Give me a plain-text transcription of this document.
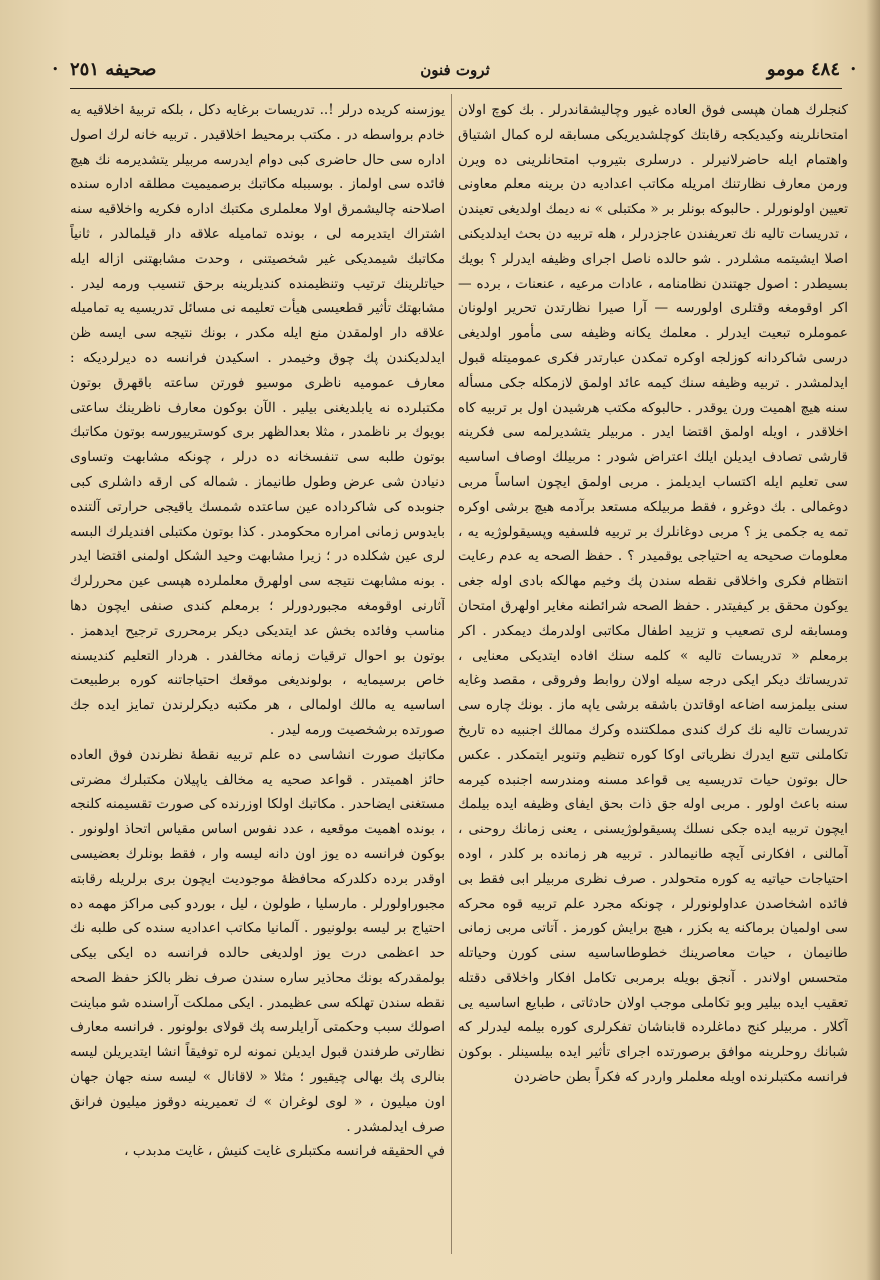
٤٨٤ مومو
ثروت فنون
صحيفه ٢٥١
•	•

كنجلرك همان هپسى فوق العاده غيور وچاليشقاندرلر . بك كوچ اولان امتحانلرينه وكيديكجه رقابتك كوچلشديريكى مسابقه لره كمال اشتياق واهتمام ايله حاضرلانيرلر . درسلرى بتيروب امتحانلرينى ده ويرن ورمن معارف نظارتنك امريله مكاتب اعداديه دن برينه معلم معاونى تعيين اولونورلر . حالبوكه بونلر بر « مكتبلى » نه ديمك اولديغى تعيندن ، تدريسات تاليه نك تعريفندن عاجزدرلر ، هله تربيه دن بحث ايدلديكنى اصلا ايشيتمه مشلردر . شو حالده ناصل اجراى وظيفه ايدرلر ؟ بويك بسيطدر : اصول جهتندن نظامنامه ، عادات مرعيه ، عنعنات ، برده — اكر اوقومغه وقتلرى اولورسه — آرا صيرا نظارتدن تحرير اولونان عموملره تبعيت ايدرلر . معلمك يكانه وظيفه سى مأمور اولديغى درسى شاكردانه كوزلجه اوكره تمكدن عبارتدر فكرى عموميتله قبول ايدلمشدر . تربيه وظيفه سنك كيمه عائد اولمق لازمكله جكى مسأله سنه هيچ اهميت ورن يوقدر . حالبوكه مكتب هرشيدن اول بر تربيه كاه اخلاقدر ، اويله اولمق اقتضا ايدر . مربيلر يتشديرلمه سى فكرينه قارشى تصادف ايديلن ايلك اعتراض شودر : مربيلك اوصاف اساسيه سى تعليم ايله اكتساب ايديلمز . مربى اولمق ايچون اساساً مربى دوغمالى . بك دوغرو ، فقط مربيلكه مستعد برآدمه هيچ برشى اوكره تمه يه جكمى يز ؟ مربى دوغانلرك بر تربيه فلسفيه وپسيقولوژيه يه ، معلومات صحيحه يه احتياجى يوقميدر ؟ . حفظ الصحه يه عدم رعايت انتظام فكرى واخلاقى نقطه سندن پك وخيم مهالكه بادى اوله جغى يوكون محقق بر كيفيتدر . حفظ الصحه شرائطنه مغاير اولهرق امتحان ومسابقه لرى تصعيب و تزييد اطفال مكاتبى اولدرمك ديمكدر . اكر برمعلم « تدريسات تاليه » كلمه سنك افاده ايتديكى معنايى ، تدريساتك ديكر ايكى درجه سيله اولان روابط وفروقى ، مقصد وغايه سنى بيلمزسه اضاعه اوقاتدن باشقه برشى ياپه ماز . بونك چاره سى تدريسات تاليه نك كرك كندى مملكتنده وكرك ممالك اجنبيه ده تاريخ تكاملنى تتبع ايدرك نظرياتى اوكا كوره تنظيم وتنوير ايتمكدر . عكس حال بوتون حيات تدريسيه يى قواعد مسنه ومندرسه اجنبده كيرمه سنه باعث اولور . مربى اوله جق ذات بحق ايفاى وظيفه ايده بيلمك ايچون تربيه ايده جكى نسلك پسيقولوژيسنى ، يعنى زمانك روحنى ، آمالنى ، افكارنى آيچه طانيمالدر . تربيه هر زمانده بر كلدر ، اوده احتياجات حياتيه يه كوره متحولدر . صرف نظرى مربيلر ابى فقط بى فائده اشخاصدن عداولونورلر ، چونكه مجرد علم تربيه قوه محركه سى اولميان برماكنه يه بكزر ، هيچ برايش كورمز . آتاتى مربى زمانى طانيمان ، حيات معاصرينك خطوطاساسيه سنى كورن وحياتله متحسس اولاندر . آنجق بويله برمربى تكامل افكار واخلاقى دقتله تعقيب ايده بيلير وبو تكاملى موجب اولان حادثاتى ، طبايع اساسيه يى آكلار . مربيلر كنج دماغلرده قابناشان تفكرلرى كوره بيلمه ليدرلر كه شبانك روحلرينه موافق برصورتده اجراى تأثير ايده بيلسينلر . بوكون فرانسه مكتبلرنده اويله معلملر واردر كه فكراً بطن حاضردن

يوزسنه كريده درلر !.. تدريسات برغايه دكل ، بلكه تربيهٔ اخلاقيه يه خادم برواسطه در . مكتب برمحيط اخلاقيدر . تربيه خانه لرك اصول اداره سى حال حاضرى كبى دوام ايدرسه مربيلر يتشديرمه نك هيچ فائده سى اولماز . بوسببله مكاتبك برصميميت مطلقه اداره سنده اصلاحنه چاليشمرق اولا معلملرى مكتبك اداره فكريه واخلاقيه سنه اشتراك ايتديرمه لى ، بونده تماميله علاقه دار قيلمالدر ، ثانياً مكاتبك شيمديكى غير شخصيتنى ، وحدت مشابهتنى ازاله ايله حياتلرينك ترتيب وتنظيمنده كنديلرينه برحق تنسيب ورمه ليدر . مشابهتك تأثير قطعيسى هيأت تعليمه نى مسائل تدريسيه يه تماميله علاقه دار اولمقدن منع ايله مكدر ، بونك نتيجه سى ايسه ظن ايدلديكندن پك چوق وخيمدر . اسكيدن فرانسه ده ديرلرديكه : معارف عموميه ناظرى موسيو فورتن ساعته باقهرق بوتون مكتبلرده نه يابلديغنى بيلير . الآن بوكون معارف ناظرينك ساعتى بويوك بر ناظمدر ، مثلا بعدالظهر برى كوسترييورسه بوتون مكاتبك بوتون طلبه سى تنفسخانه ده درلر ، چونكه مشابهت وتساوى دنيادن شى عرض وطول طانيماز . شماله كى ارقه داشلرى كبى جنوبده كى شاكرداده عين ساعتده شمسك ياقيجى حرارتى آلتنده بايدوس زمانى امراره محكومدر . كذا بوتون مكتبلى افنديلرك البسه لرى عين شكلده در ؛ زيرا مشابهت وحيد الشكل اولمنى اقتضا ايدر . بونه مشابهت نتيجه سى اولهرق معلملرده هپسى عين محررلرك آثارنى اوقومغه مجبوردورلر ؛ برمعلم كندى صنفى ايچون دها مناسب وفائده بخش عد ايتديكى ديكر برمحررى ترجيح ايدهمز . بوتون بو احوال ترقيات زمانه مخالفدر . هردار التعليم كنديسنه خاص برسيمايه ، بولونديغى موقعك احتياجاتنه كوره برطبيعت اساسيه يه مالك اولمالى ، هر مكتبه ديكرلرندن تمايز ايده جك صورتده برشخصيت ورمه ليدر .

مكاتبك صورت انشاسى ده علم تربيه نقطهٔ نظرندن فوق العاده حائز اهميتدر . قواعد صحيه يه مخالف ياپيلان مكتبلرك مضرتى مستغنى ايضاحدر . مكاتبك اولكا اوزرنده كى صورت تقسيمنه كلنجه ، بونده اهميت موقعيه ، عدد نفوس اساس مقياس اتحاذ اولونور . بوكون فرانسه ده يوز اون دانه ليسه وار ، فقط بونلرك بعضيسى اوقدر برده دكلدركه محافظهٔ موجوديت ايچون برى برلريله رقابته مجبوراولورلر . مارسليا ، طولون ، ليل ، بوردو كبى مراكز مهمه ده احتياج بر ليسه بولونيور . آلمانيا مكاتب اعداديه سنده كى طلبه نك حد اعظمى درت يوز اولديغى حالده فرانسه ده ايكى بيكى بولمقدركه بونك محاذير ساره سندن صرف نظر بالكز حفظ الصحه نقطه سندن تهلكه سى عظيمدر . ايكى مملكت آراسنده شو مباينت اصولك سبب وحكمتى آرايلرسه پك قولاى بولونور . فرانسه معارف نظارتى طرفندن قبول ايديلن نمونه لره توفيقاً انشا ايتديريلن ليسه بنالرى پك بهالى چيقيور ؛ مثلا « لاقانال » ليسه سنه جهان جهان اون ميليون ، « لوى لوغران » ك تعميرينه دوقوز ميليون فرانق صرف ايدلمشدر .

في الحقيقه فرانسه مكتبلرى غايت كنيش ، غايت مدبدب ،
